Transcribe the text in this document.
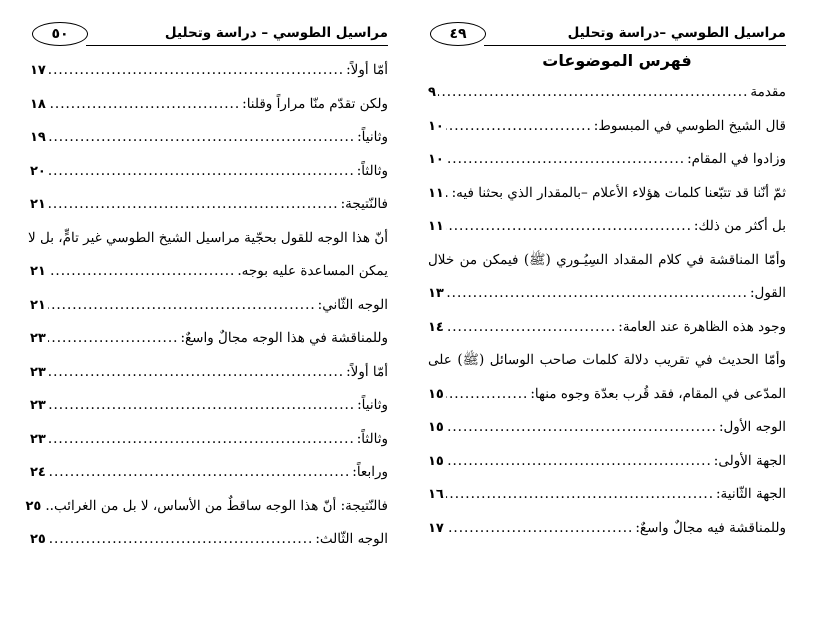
مراسيل الطوسي – دراسة وتحليل
٥٠
أمّا أولاً:
.....
١٧
ولكن تقدّم منّا مراراً وقلنا:
.....
١٨
وثانياً:
.....
١٩
وثالثاً:
.....
٢٠
فالنّتيجة:
.....
٢١
أنّ هذا الوجه للقول بحجّية مراسيل الشيخ الطوسي غير تامٍّ، بل لا
يمكن المساعدة عليه بوجه.
.....
٢١
الوجه الثّاني:
.....
٢١
وللمناقشة في هذا الوجه مجالٌ واسعٌ:
.....
٢٣
أمّا أولاً:
.....
٢٣
وثانياً:
.....
٢٣
وثالثاً:
.....
٢٣
ورابعاً:
.....
٢٤
فالنّتيجة: أنّ هذا الوجه ساقطٌ من الأساس، لا بل من الغرائب..
٢٥
الوجه الثّالث:
.....
٢٥
مراسيل الطوسي –دراسة وتحليل
٤٩
فهرس الموضوعات
مقدمة
.....
٩
قال الشيخ الطوسي في المبسوط:
.....
١٠
وزادوا في المقام:
.....
١٠
ثمّ أنّنا قد تتبّعنا كلمات هؤلاء الأعلام –بالمقدار الذي بحثنا فيه:
.....
١١
بل أكثر من ذلك:
.....
١١
وأمّا المناقشة في كلام المقداد السِيُـوري (ﷺ) فيمكن من خلال
القول:
.....
١٣
وجود هذه الظاهرة عند العامة:
.....
١٤
وأمّا الحديث في تقريب دلالة كلمات صاحب الوسائل (ﷺ) على
المدّعى في المقام، فقد قُرب بعدّة وجوه منها:
.....
١٥
الوجه الأول:
.....
١٥
الجهة الأولى:
.....
١٥
الجهة الثّانية:
.....
١٦
وللمناقشة فيه مجالٌ واسعٌ:
.....
١٧
